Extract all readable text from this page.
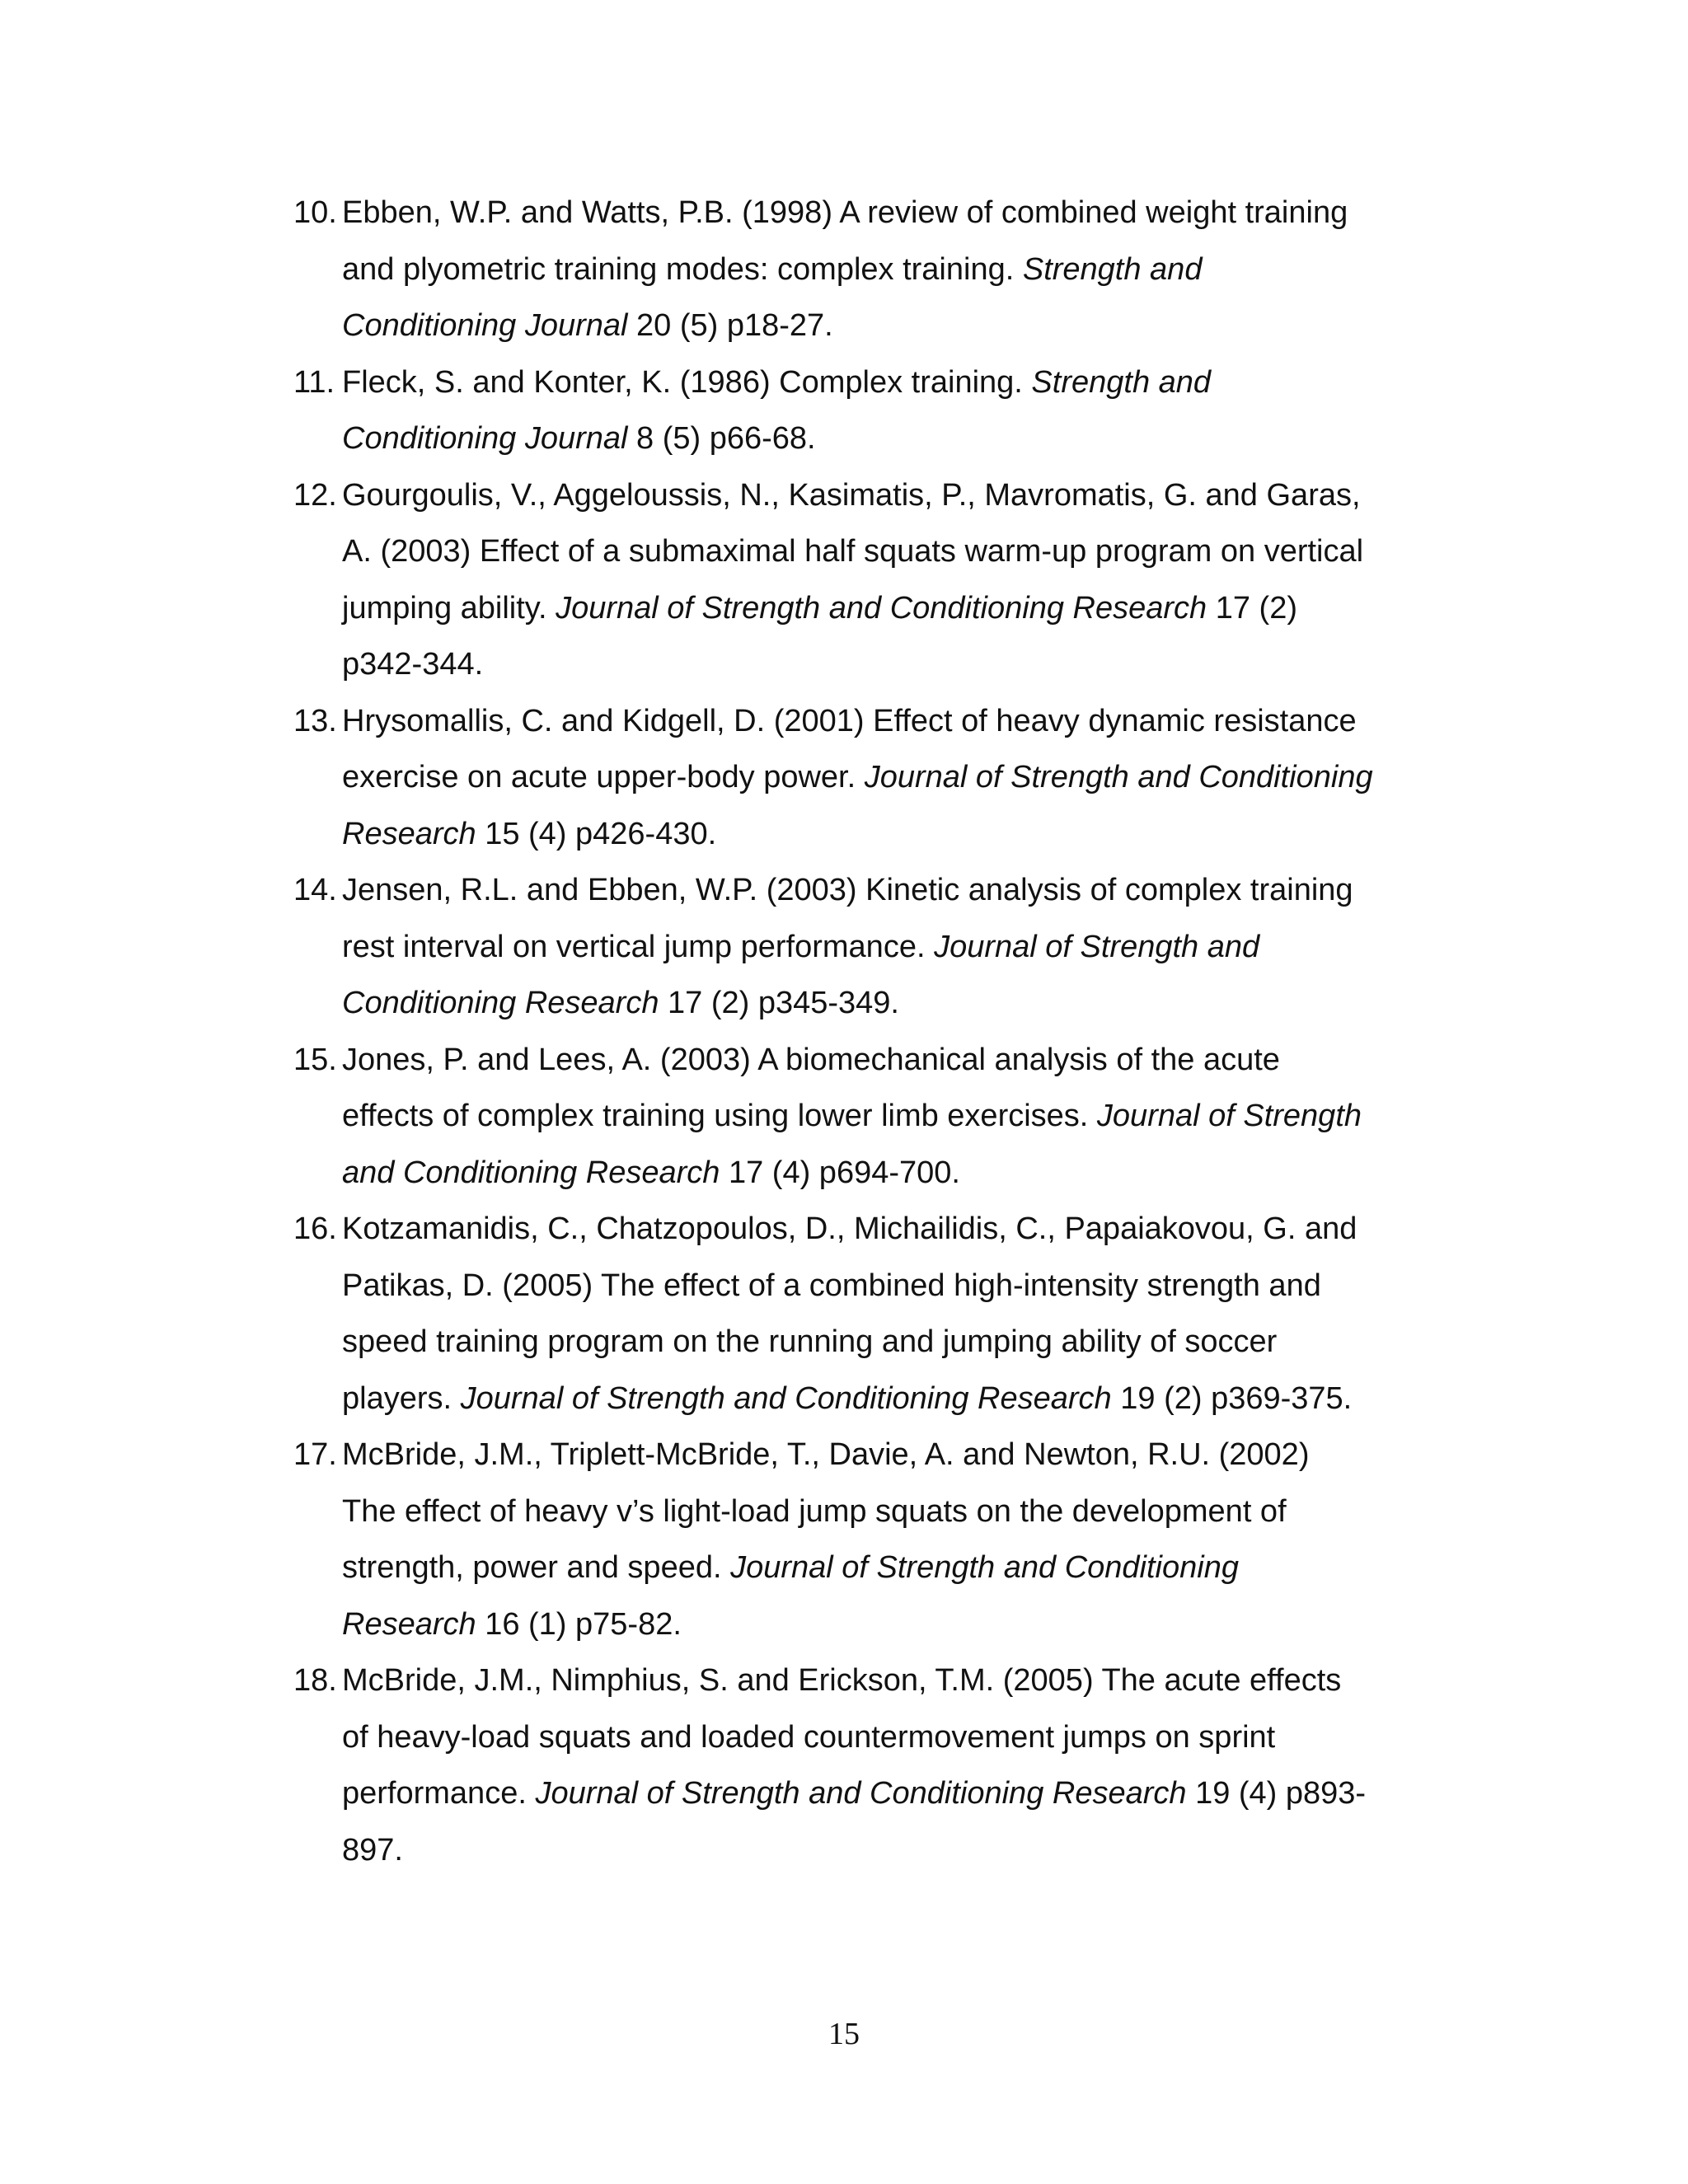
10. Ebben, W.P. and Watts, P.B. (1998) A review of combined weight training
and plyometric training modes: complex training. Strength and
Conditioning Journal 20 (5) p18-27.
11. Fleck, S. and Konter, K. (1986) Complex training. Strength and
Conditioning Journal 8 (5) p66-68.
12. Gourgoulis, V., Aggeloussis, N., Kasimatis, P., Mavromatis, G. and Garas,
A. (2003) Effect of a submaximal half squats warm-up program on vertical
jumping ability. Journal of Strength and Conditioning Research 17 (2)
p342-344.
13. Hrysomallis, C. and Kidgell, D. (2001) Effect of heavy dynamic resistance
exercise on acute upper-body power. Journal of Strength and Conditioning
Research 15 (4) p426-430.
14. Jensen, R.L. and Ebben, W.P. (2003) Kinetic analysis of complex training
rest interval on vertical jump performance. Journal of Strength and
Conditioning Research 17 (2) p345-349.
15. Jones, P. and Lees, A. (2003) A biomechanical analysis of the acute
effects of complex training using lower limb exercises. Journal of Strength
and Conditioning Research 17 (4) p694-700.
16. Kotzamanidis, C., Chatzopoulos, D., Michailidis, C., Papaiakovou, G. and
Patikas, D. (2005) The effect of a combined high-intensity strength and
speed training program on the running and jumping ability of soccer
players. Journal of Strength and Conditioning Research 19 (2) p369-375.
17. McBride, J.M., Triplett-McBride, T., Davie, A. and Newton, R.U. (2002)
The effect of heavy v’s light-load jump squats on the development of
strength, power and speed. Journal of Strength and Conditioning
Research 16 (1) p75-82.
18. McBride, J.M., Nimphius, S. and Erickson, T.M. (2005) The acute effects
of heavy-load squats and loaded countermovement jumps on sprint
performance. Journal of Strength and Conditioning Research 19 (4) p893-
897.
15
